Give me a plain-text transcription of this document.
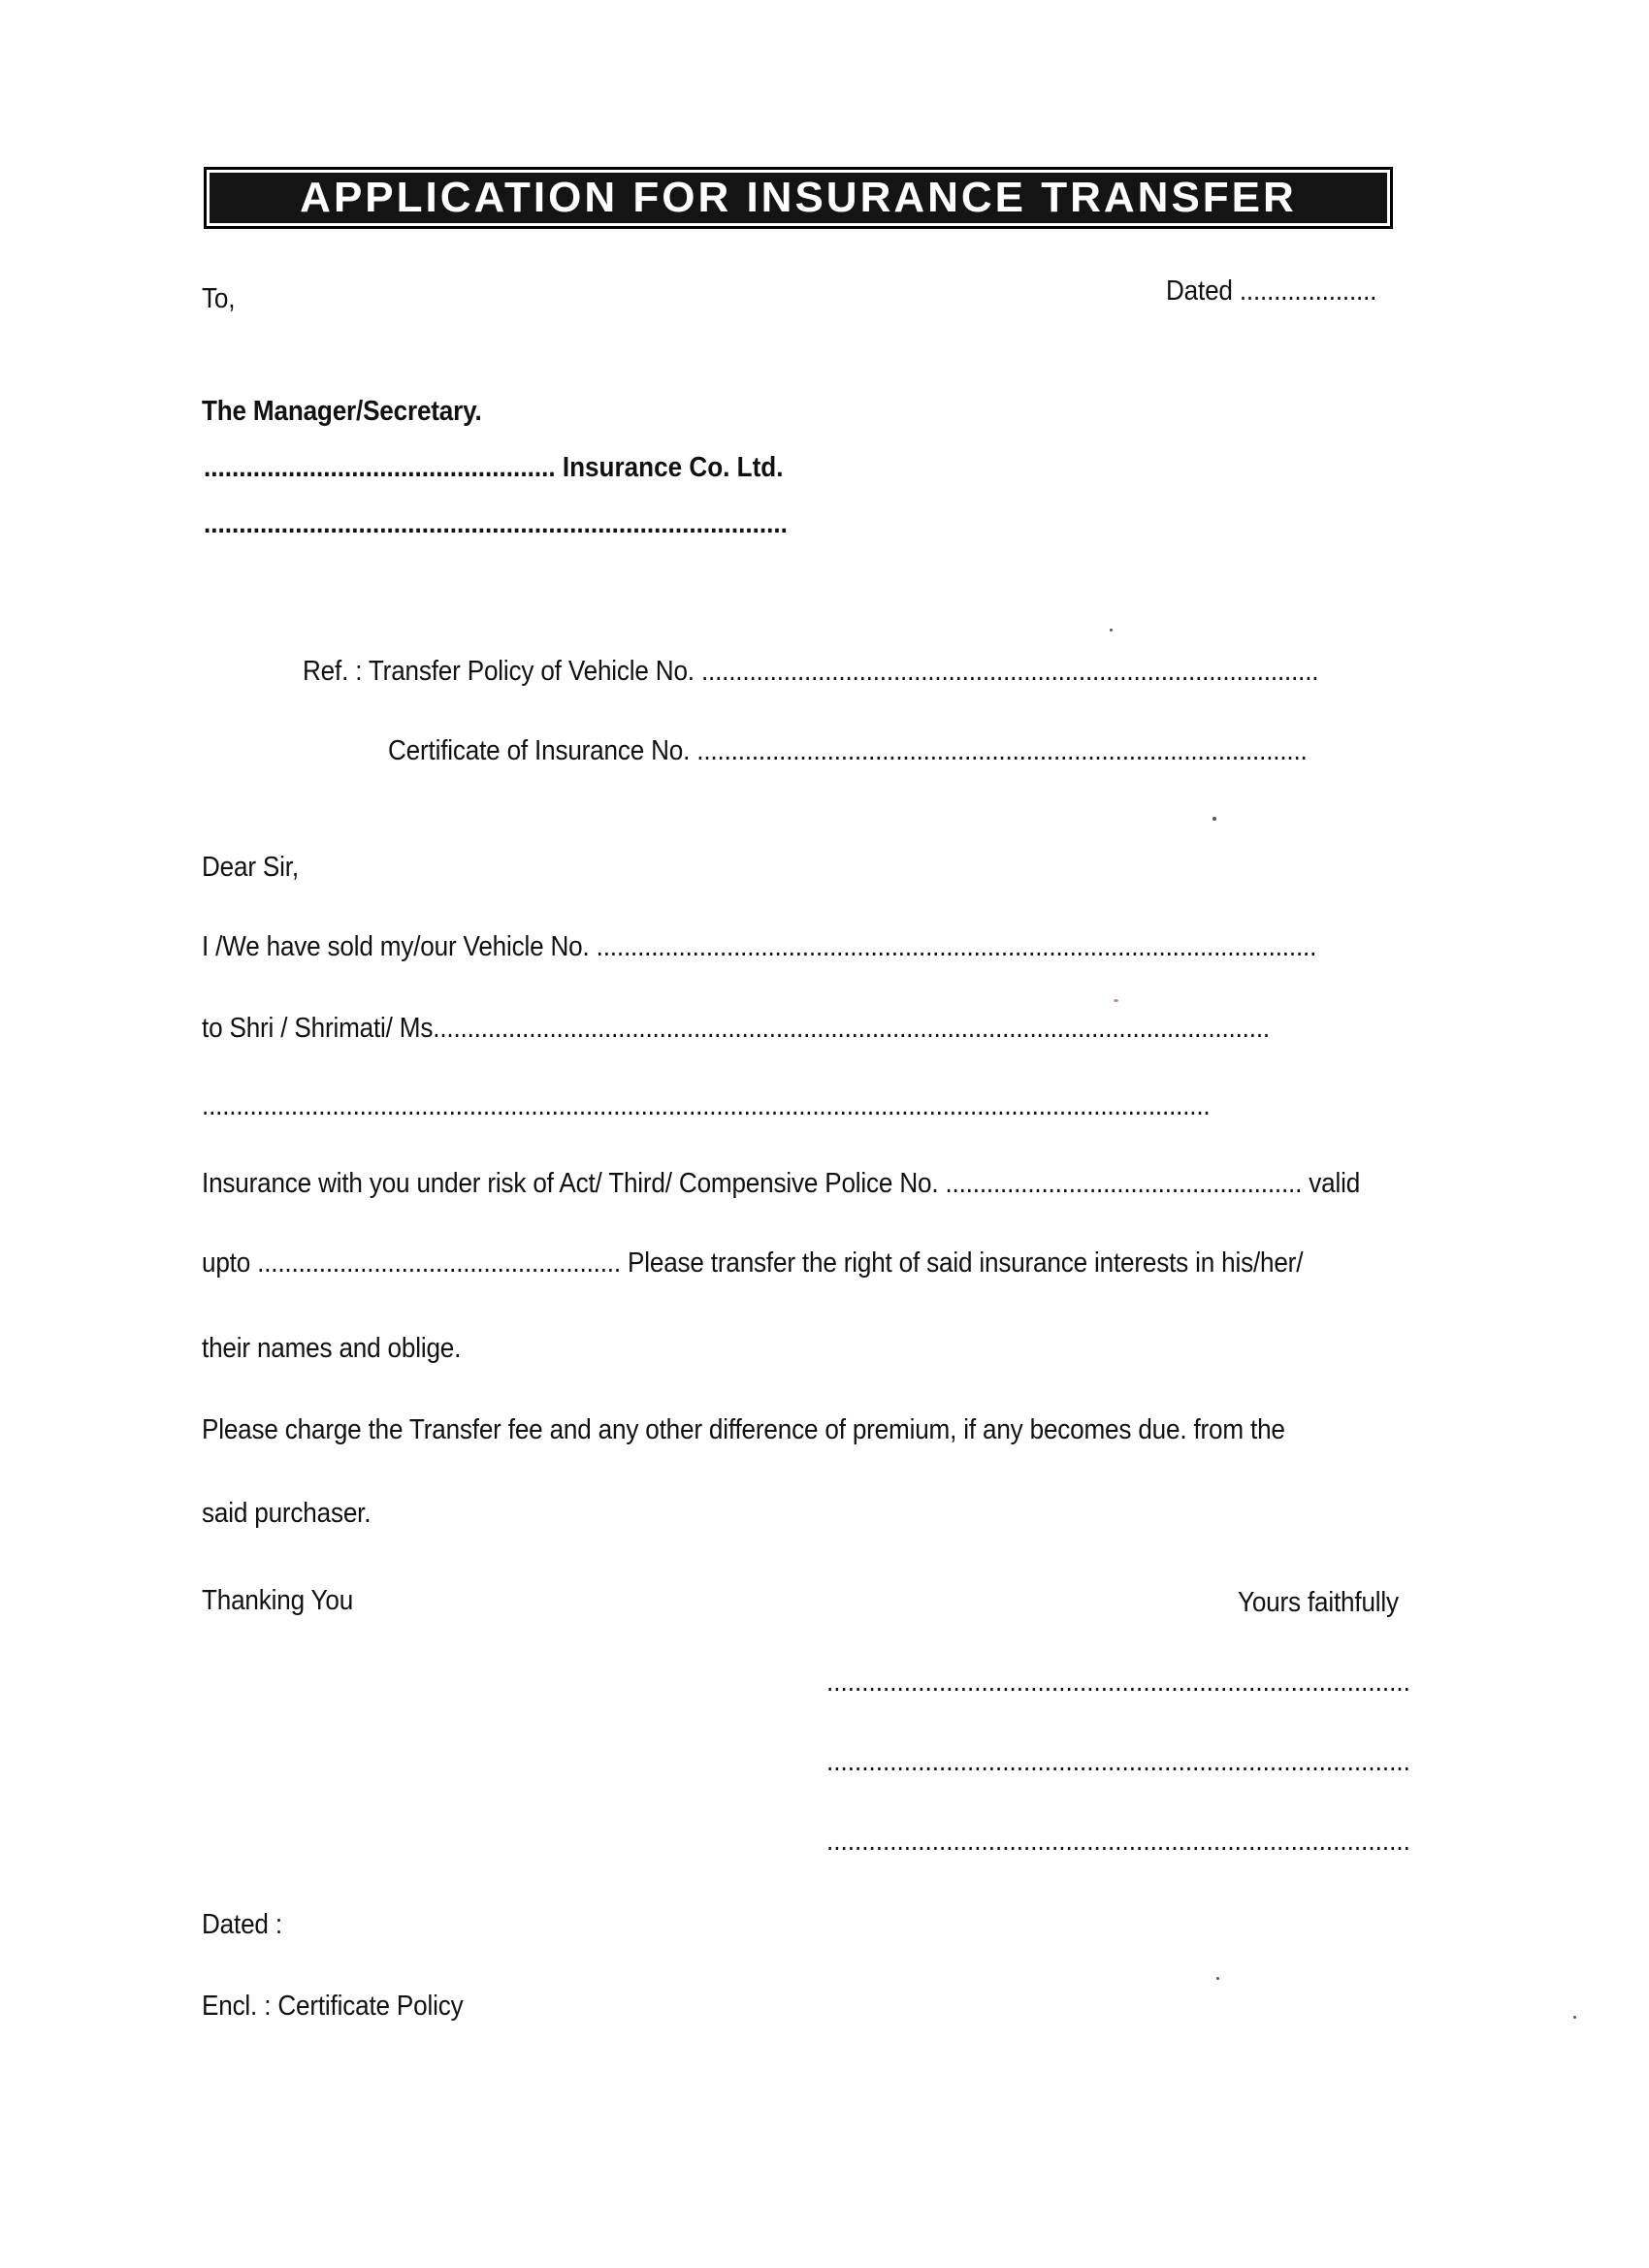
APPLICATION FOR INSURANCE TRANSFER
To,	Dated ....................
The Manager/Secretary.
.................................................. Insurance Co. Ltd.
...................................................................................
Ref. : Transfer Policy of Vehicle No. ..........................................................................................
Certificate of Insurance No. .........................................................................................
Dear Sir,
I /We have sold my/our Vehicle No. .........................................................................................................
to Shri / Shrimati/ Ms..........................................................................................................................
...................................................................................................................................................
Insurance with you under risk of Act/ Third/ Compensive Police No. .................................................... valid
upto ..................................................... Please transfer the right of said insurance interests in his/her/
their names and oblige.
Please charge the Transfer fee and any other difference of premium, if any becomes due. from the
said purchaser.
Thanking You	Yours faithfully
...................................................................................
...................................................................................
...................................................................................
Dated :
Encl. : Certificate Policy
